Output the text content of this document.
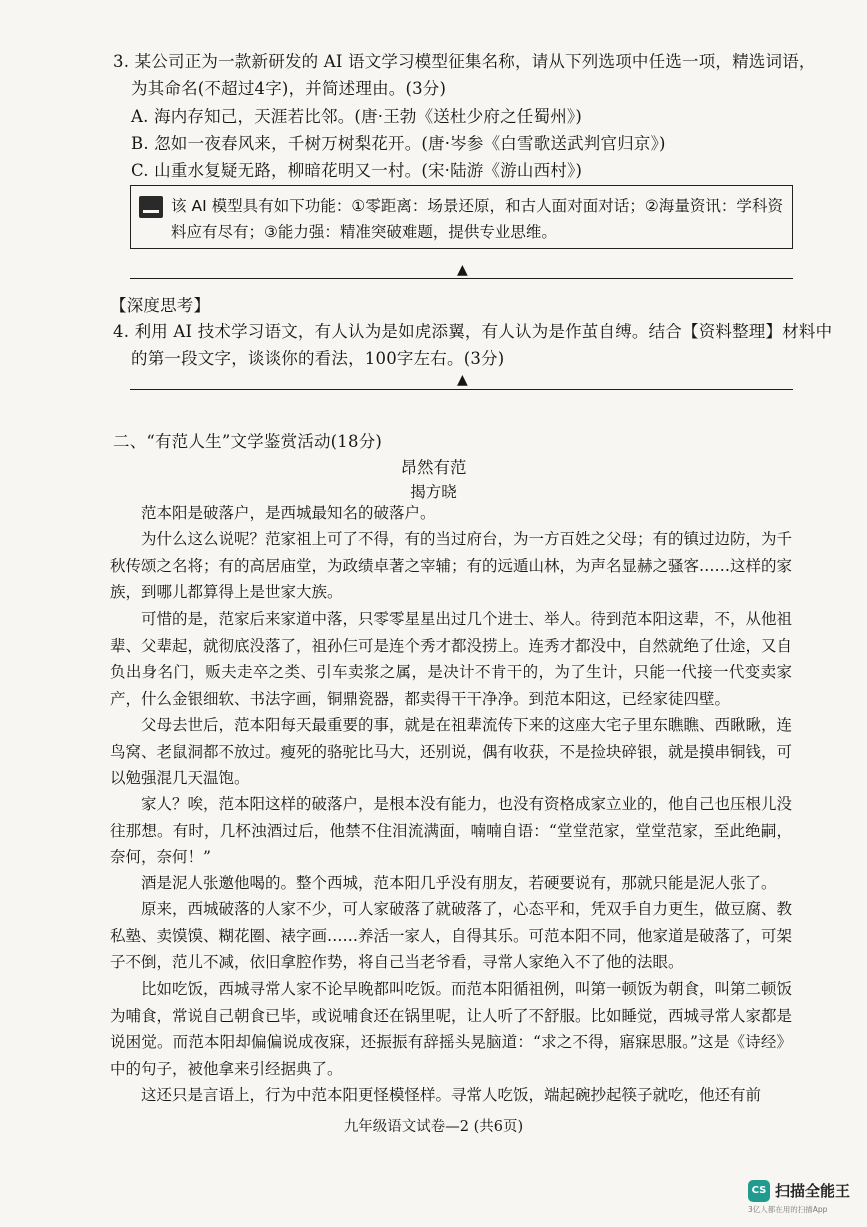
3. 某公司正为一款新研发的 AI 语文学习模型征集名称，请从下列选项中任选一项，精选词语，
为其命名(不超过4字)，并简述理由。(3分)
A. 海内存知己，天涯若比邻。(唐·王勃《送杜少府之任蜀州》)
B. 忽如一夜春风来，千树万树梨花开。(唐·岑参《白雪歌送武判官归京》)
C. 山重水复疑无路，柳暗花明又一村。(宋·陆游《游山西村》)
该 AI 模型具有如下功能：①零距离：场景还原，和古人面对面对话；②海量资讯：学科资料应有尽有；③能力强：精准突破难题，提供专业思维。
▲
【深度思考】
4. 利用 AI 技术学习语文，有人认为是如虎添翼，有人认为是作茧自缚。结合【资料整理】材料中
的第一段文字，谈谈你的看法，100字左右。(3分)
▲
二、“有范人生”文学鉴赏活动(18分)
昂然有范
揭方晓
范本阳是破落户，是西城最知名的破落户。
为什么这么说呢？范家祖上可了不得，有的当过府台，为一方百姓之父母；有的镇过边防，为千秋传颂之名将；有的高居庙堂，为政绩卓著之宰辅；有的远遁山林，为声名显赫之骚客……这样的家族，到哪儿都算得上是世家大族。
可惜的是，范家后来家道中落，只零零星星出过几个进士、举人。待到范本阳这辈，不，从他祖辈、父辈起，就彻底没落了，祖孙仨可是连个秀才都没捞上。连秀才都没中，自然就绝了仕途，又自负出身名门，贩夫走卒之类、引车卖浆之属，是决计不肯干的，为了生计，只能一代接一代变卖家产，什么金银细软、书法字画，铜鼎瓷器，都卖得干干净净。到范本阳这，已经家徒四壁。
父母去世后，范本阳每天最重要的事，就是在祖辈流传下来的这座大宅子里东瞧瞧、西瞅瞅，连鸟窝、老鼠洞都不放过。瘦死的骆驼比马大，还别说，偶有收获，不是捡块碎银，就是摸串铜钱，可以勉强混几天温饱。
家人？唉，范本阳这样的破落户，是根本没有能力，也没有资格成家立业的，他自己也压根儿没往那想。有时，几杯浊酒过后，他禁不住泪流满面，喃喃自语：“堂堂范家，堂堂范家，至此绝嗣，奈何，奈何！”
酒是泥人张邀他喝的。整个西城，范本阳几乎没有朋友，若硬要说有，那就只能是泥人张了。
原来，西城破落的人家不少，可人家破落了就破落了，心态平和，凭双手自力更生，做豆腐、教私塾、卖馍馍、糊花圈、裱字画……养活一家人，自得其乐。可范本阳不同，他家道是破落了，可架子不倒，范儿不减，依旧拿腔作势，将自己当老爷看，寻常人家绝入不了他的法眼。
比如吃饭，西城寻常人家不论早晚都叫吃饭。而范本阳循祖例，叫第一顿饭为朝食，叫第二顿饭为哺食，常说自己朝食已毕，或说哺食还在锅里呢，让人听了不舒服。比如睡觉，西城寻常人家都是说困觉。而范本阳却偏偏说成夜寐，还振振有辞摇头晃脑道：“求之不得，寤寐思服。”这是《诗经》中的句子，被他拿来引经据典了。
这还只是言语上，行为中范本阳更怪模怪样。寻常人吃饭，端起碗抄起筷子就吃，他还有前
九年级语文试卷—2 (共6页)
CS 扫描全能王
3亿人都在用的扫描App
